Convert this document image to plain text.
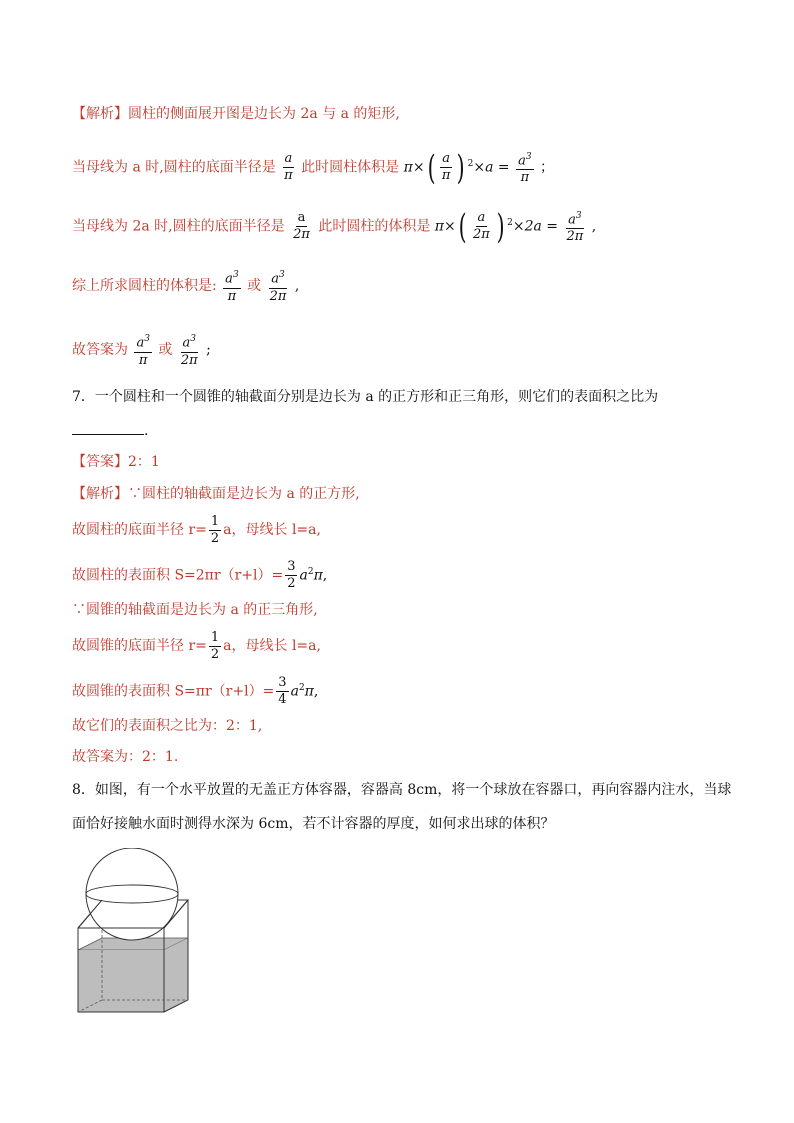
【解析】圆柱的侧面展开图是边长为 2a 与 a 的矩形,
当母线为 a 时,圆柱的底面半径是 $\frac{a}{\pi}$ 此时圆柱体积是 $\pi\times( \frac{a}{\pi}$ ) $^2\times a = \frac{a^3}{\pi}$ ；
当母线为 2a 时,圆柱的底面半径是 $\frac{a}{2\pi}$ 此时圆柱的体积是 $\pi\times( \frac{a}{2\pi}$ ) $^2\times 2a = \frac{a^3}{2\pi}$ ,
综上所求圆柱的体积是: $\frac{a^3}{\pi}$ 或 $\frac{a^3}{2\pi}$ ,
故答案为 $\frac{a^3}{\pi}$ 或 $\frac{a^3}{2\pi}$ ;
7．一个圆柱和一个圆锥的轴截面分别是边长为 a 的正方形和正三角形，则它们的表面积之比为
.
【答案】2：1
【解析】∵圆柱的轴截面是边长为 a 的正方形,
故圆柱的底面半径 $r= \frac{1}{2}$ a，母线长 l=a,
故圆柱的表面积 $S=2\pi r(r+l)= \frac{3}{2} a^2\pi$,
∵圆锥的轴截面是边长为 a 的正三角形,
故圆锥的底面半径 $r= \frac{1}{2}$ a，母线长 l=a,
故圆锥的表面积 $S=\pi r(r+l)= \frac{3}{4} a^2\pi$,
故它们的表面积之比为：2：1,
故答案为：2：1.
8．如图，有一个水平放置的无盖正方体容器，容器高 8cm，将一个球放在容器口，再向容器内注水，当球
面恰好接触水面时测得水深为 6cm，若不计容器的厚度，如何求出球的体积？
